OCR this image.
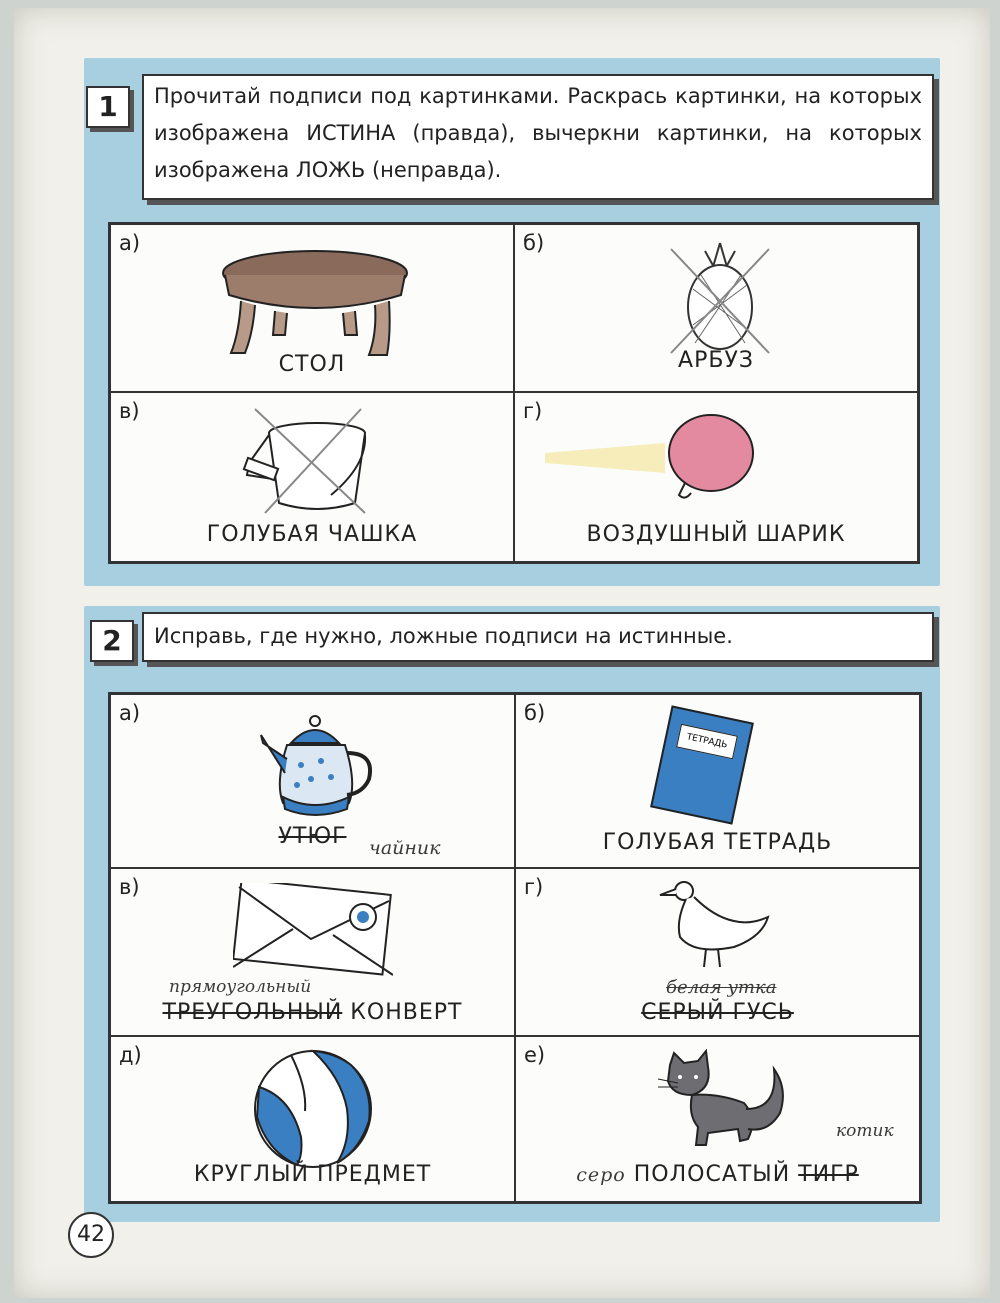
1	Прочитай подписи под картинками. Раскрась картинки, на которых изображена ИСТИНА (правда), вычеркни картинки, на которых изображена ЛОЖЬ (неправда).
а)
СТОЛ
б)
АРБУЗ
в)
ГОЛУБАЯ ЧАШКА
г)
ВОЗДУШНЫЙ ШАРИК
2	Исправь, где нужно, ложные подписи на истинные.
а)
УТЮГ	чайник
б)
ТЕТРАДЬ
ГОЛУБАЯ ТЕТРАДЬ
в)
прямоугольный
ТРЕУГОЛЬНЫЙ КОНВЕРТ
г)
белая утка
СЕРЫЙ ГУСЬ
д)
КРУГЛЫЙ ПРЕДМЕТ
е)
котик
серо ПОЛОСАТЫЙ ТИГР
42
